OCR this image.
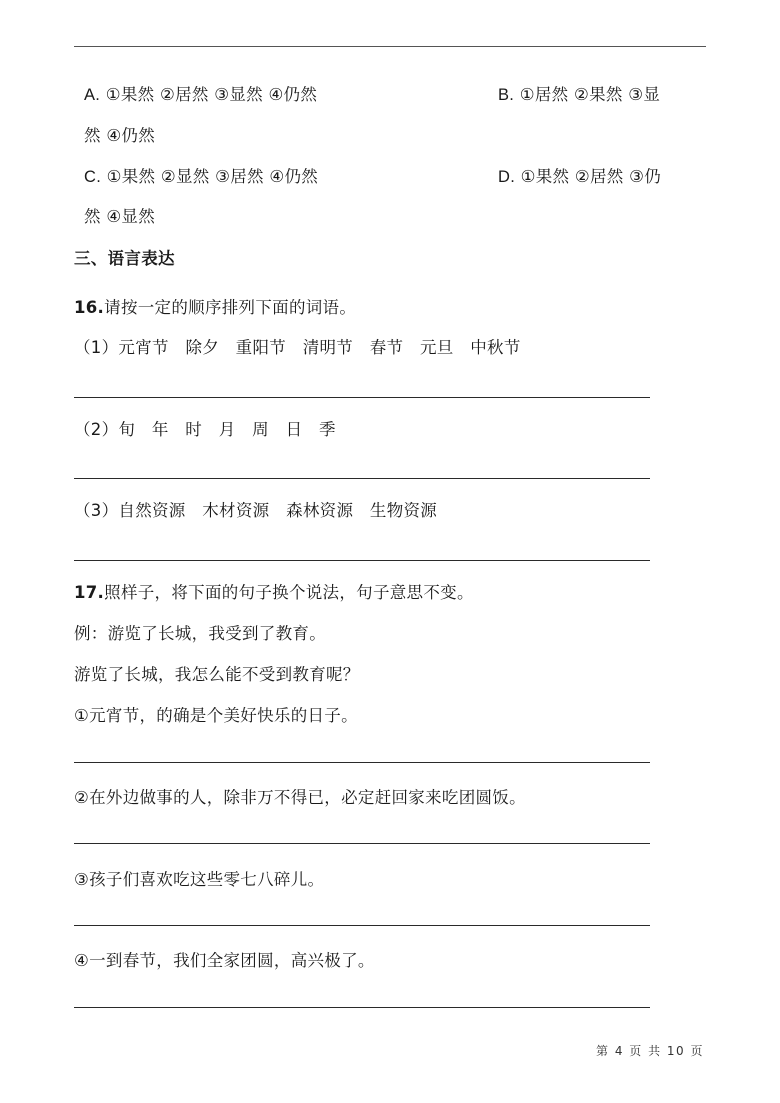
A. ①果然 ②居然 ③显然 ④仍然	B. ①居然 ②果然 ③显
然 ④仍然
C. ①果然 ②显然 ③居然 ④仍然	D. ①果然 ②居然 ③仍
然 ④显然
三、语言表达
16.请按一定的顺序排列下面的词语。
（1）元宵节   除夕   重阳节   清明节   春节   元旦   中秋节
（2）旬   年   时   月   周   日   季
（3）自然资源   木材资源   森林资源   生物资源
17.照样子，将下面的句子换个说法，句子意思不变。
例：游览了长城，我受到了教育。
游览了长城，我怎么能不受到教育呢？
①元宵节，的确是个美好快乐的日子。
②在外边做事的人，除非万不得已，必定赶回家来吃团圆饭。
③孩子们喜欢吃这些零七八碎儿。
④一到春节，我们全家团圆，高兴极了。
第 4 页 共 10 页
